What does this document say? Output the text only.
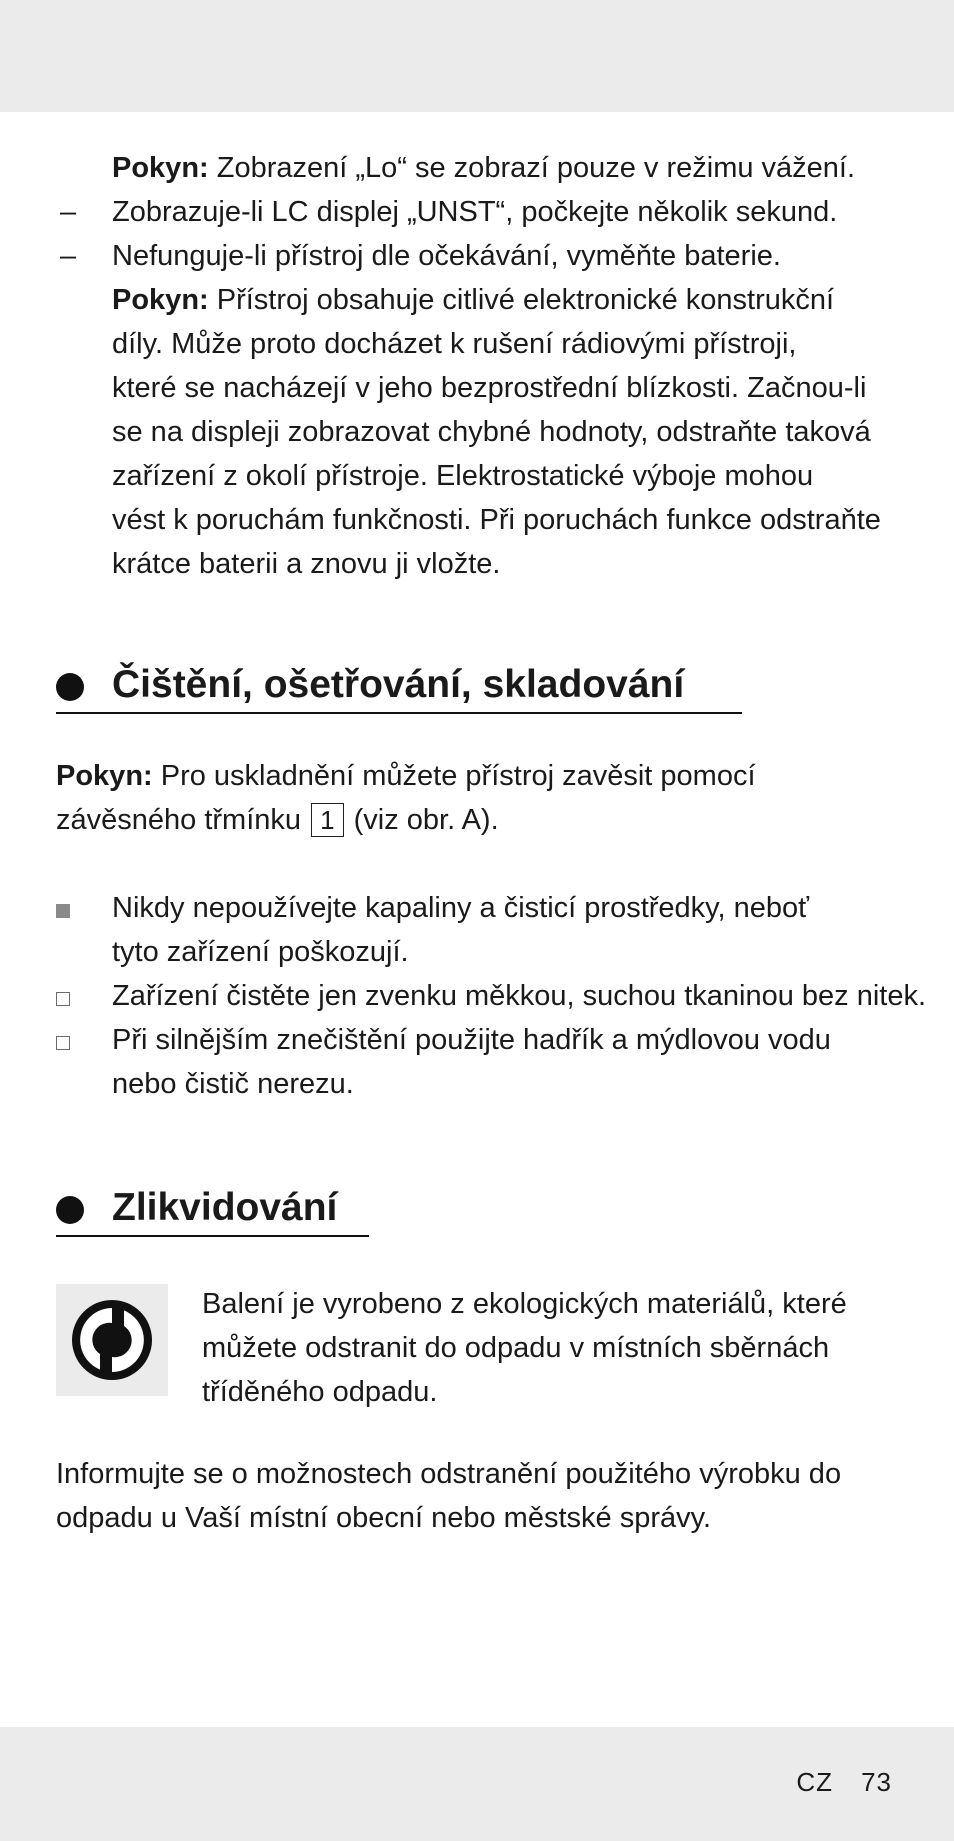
Pokyn: Zobrazení „Lo“ se zobrazí pouze v režimu vážení.

– Zobrazuje-li LC displej „UNST“, počkejte několik sekund.

– Nefunguje-li přístroj dle očekávání, vyměňte baterie.

Pokyn: Přístroj obsahuje citlivé elektronické konstrukční
díly. Může proto docházet k rušení rádiovými přístroji,
které se nacházejí v jeho bezprostřední blízkosti. Začnou-li
se na displeji zobrazovat chybné hodnoty, odstraňte taková
zařízení z okolí přístroje. Elektrostatické výboje mohou
vést k poruchám funkčnosti. Při poruchách funkce odstraňte
krátce baterii a znovu ji vložte.
Čištění, ošetřování, skladování
Pokyn: Pro uskladnění můžete přístroj zavěsit pomocí
závěsného třmínku 1 (viz obr. A).
Nikdy nepoužívejte kapaliny a čisticí prostředky, neboť
tyto zařízení poškozují.
Zařízení čistěte jen zvenku měkkou, suchou tkaninou bez nitek.
Při silnějším znečištění použijte hadřík a mýdlovou vodu
nebo čistič nerezu.
Zlikvidování
Balení je vyrobeno z ekologických materiálů, které
můžete odstranit do odpadu v místních sběrnách
tříděného odpadu.
Informujte se o možnostech odstranění použitého výrobku do
odpadu u Vaší místní obecní nebo městské správy.
CZ 73
